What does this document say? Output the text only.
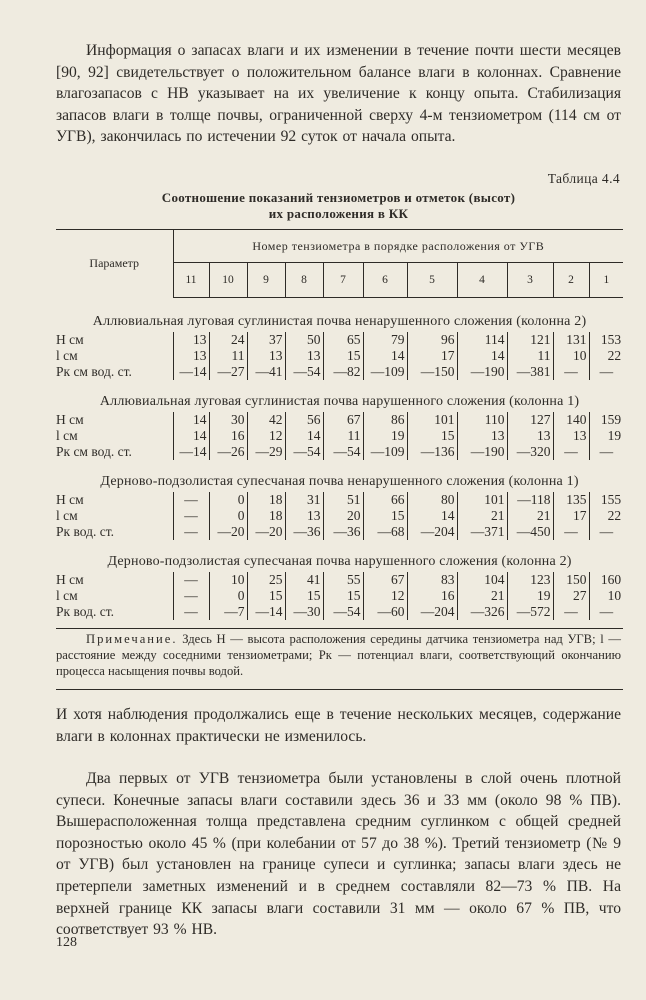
Информация о запасах влаги и их изменении в течение почти шести месяцев [90, 92] свидетельствует о положительном балансе влаги в колоннах. Сравнение влагозапасов с НВ указывает на их увеличение к концу опыта. Стабилизация запасов влаги в толще почвы, ограниченной сверху 4-м тензиометром (114 см от УГВ), закончилась по истечении 92 суток от начала опыта.

Таблица 4.4
Соотношение показаний тензиометров и отметок (высот)
их расположения в КК
Параметр	Номер тензиометра в порядке расположения от УГВ										
	11	10	9	8	7	6	5	4	3	2	1

Аллювиальная луговая суглинистая почва ненарушенного сложения (колонна 2)											
H см	13	24	37	50	65	79	96	114	121	131	153
l см	13	11	13	13	15	14	17	14	11	10	22
Pк см вод. ст.	—14	—27	—41	—54	—82	—109	—150	—190	—381	—	—

Аллювиальная луговая суглинистая почва нарушенного сложения (колонна 1)											
H см	14	30	42	56	67	86	101	110	127	140	159
l см	14	16	12	14	11	19	15	13	13	13	19
Pк см вод. ст.	—14	—26	—29	—54	—54	—109	—136	—190	—320	—	—

Дерново-подзолистая супесчаная почва ненарушенного сложения (колонна 1)											
H см	—	0	18	31	51	66	80	101	—118	135	155
l см	—	0	18	13	20	15	14	21	21	17	22
Pк вод. ст.	—	—20	—20	—36	—36	—68	—204	—371	—450	—	—

Дерново-подзолистая супесчаная почва нарушенного сложения (колонна 2)											
H см	—	10	25	41	55	67	83	104	123	150	160
l см	—	0	15	15	15	12	16	21	19	27	10
Pк вод. ст.	—	—7	—14	—30	—54	—60	—204	—326	—572	—	—

Примечание. Здесь H — высота расположения середины датчика тензиометра над УГВ; l — расстояние между соседними тензиометрами; Pк — потенциал влаги, соответствующий окончанию процесса насыщения почвы водой.

И хотя наблюдения продолжались еще в течение нескольких месяцев, содержание влаги в колоннах практически не изменилось.

Два первых от УГВ тензиометра были установлены в слой очень плотной супеси. Конечные запасы влаги составили здесь 36 и 33 мм (около 98 % ПВ). Вышерасположенная толща представлена средним суглинком с общей средней порозностью около 45 % (при колебании от 57 до 38 %). Третий тензиометр (№ 9 от УГВ) был установлен на границе супеси и суглинка; запасы влаги здесь не претерпели заметных изменений и в среднем составляли 82—73 % ПВ. На верхней границе КК запасы влаги составили 31 мм — около 67 % ПВ, что соответствует 93 % НВ.

128
